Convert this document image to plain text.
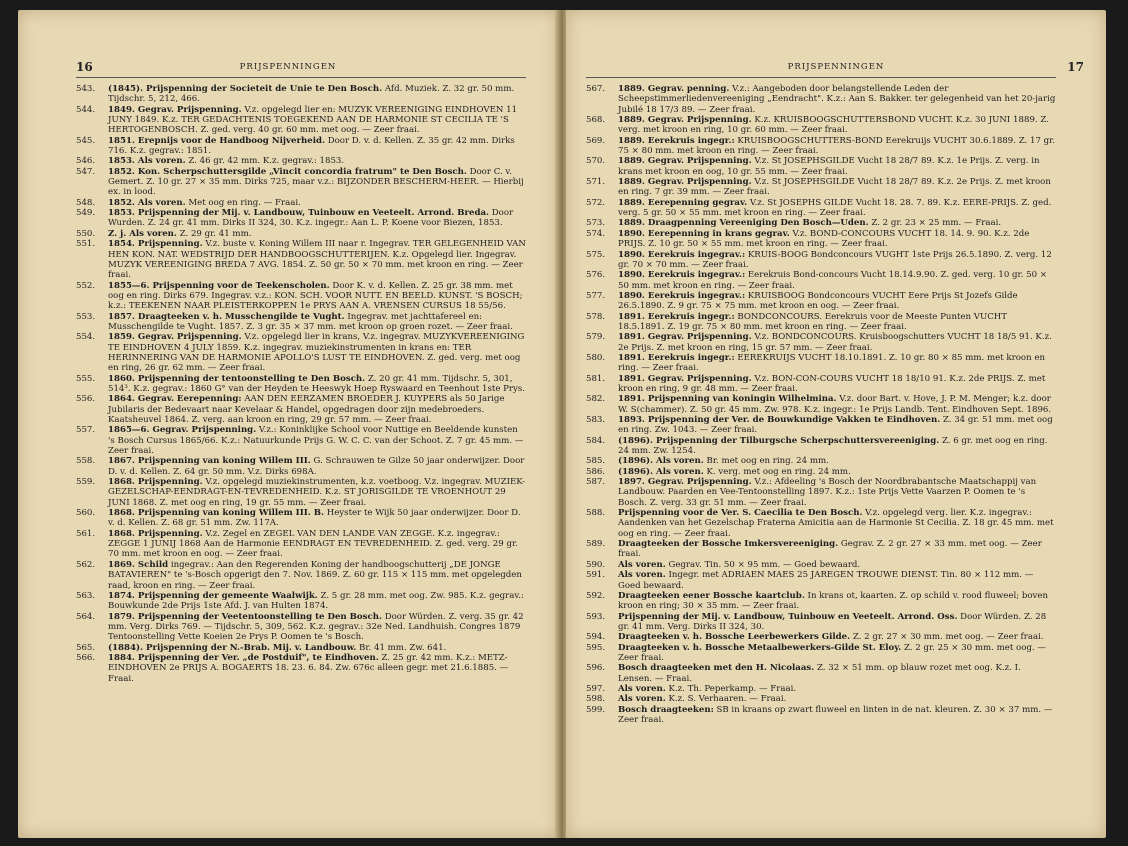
16	PRIJSPENNINGEN
543.	(1845). Prijspenning der Societeit de Unie te Den Bosch. Afd. Muziek. Z. 32 gr. 50 mm. Tijdschr. 5, 212, 466.
544.	1849. Gegrav. Prijspenning. V.z. opgelegd lier en: MUZYK VEREENIGING EINDHOVEN 11 JUNY 1849. K.z. TER GEDACHTENIS TOEGEKEND AAN DE HARMONIE ST CECILIA TE 'S HERTOGENBOSCH. Z. ged. verg. 40 gr. 60 mm. met oog. — Zeer fraai.
545.	1851. Erepnijs voor de Handboog Nijverheid. Door D. v. d. Kellen. Z. 35 gr. 42 mm. Dirks 716. K.z. gegrav.: 1851.
546.	1853. Als voren. Z. 46 gr. 42 mm. K.z. gegrav.: 1853.
547.	1852. Kon. Scherpschuttersgilde „Vincit concordia fratrum" te Den Bosch. Door C. v. Gemert. Z. 10 gr. 27 × 35 mm. Dirks 725, maar v.z.: BIJZONDER BESCHERM-HEER. — Hierbij ex. in lood.
548.	1852. Als voren. Met oog en ring. — Fraai.
549.	1853. Prijspenning der Mij. v. Landbouw, Tuinbouw en Veeteelt. Arrond. Breda. Door Wurden. Z. 24 gr. 41 mm. Dirks II 324, 30. K.z. ingegr.: Aan L. P. Koene voor Biezen, 1853.
550.	Z. j. Als voren. Z. 29 gr. 41 mm.
551.	1854. Prijspenning. V.z. buste v. Koning Willem III naar r. Ingegrav. TER GELEGENHEID VAN HEN KON. NAT. WEDSTRIJD DER HANDBOOGSCHUTTERIJEN. K.z. Opgelegd lier. Ingegrav. MUZYK VEREENIGING BREDA 7 AVG. 1854. Z. 50 gr. 50 × 70 mm. met kroon en ring. — Zeer fraai.
552.	1855—6. Prijspenning voor de Teekenscholen. Door K. v. d. Kellen. Z. 25 gr. 38 mm. met oog en ring. Dirks 679. Ingegrav. v.z.: KON. SCH. VOOR NUTT. EN BEELD. KUNST. 'S BOSCH; k.z.: TEEKENEN NAAR PLEISTERKOPPEN 1e PRYS AAN A. VRENSEN CURSUS 18 55/56.
553.	1857. Draagteeken v. h. Musschengilde te Vught. Ingegrav. met jachttafereel en: Musschengilde te Vught. 1857. Z. 3 gr. 35 × 37 mm. met kroon op groen rozet. — Zeer fraai.
554.	1859. Gegrav. Prijspenning. V.z. opgelegd lier in krans, V.z. ingegrav. MUZYKVEREENIGING TE EINDHOVEN 4 JULY 1859. K.z. ingegrav. muziekinstrumenten in krans en: TER HERINNERING VAN DE HARMONIE APOLLO'S LUST TE EINDHOVEN. Z. ged. verg. met oog en ring, 26 gr. 62 mm. — Zeer fraai.
555.	1860. Prijspenning der tentoonstelling te Den Bosch. Z. 20 gr. 41 mm. Tijdschr. 5, 301, 514³. K.z. gegrav.: 1860 G° van der Heyden te Heeswyk Hoep Ryswaard en Teenhout 1ste Prys.
556.	1864. Gegrav. Eerepenning: AAN DEN EERZAMEN BROEDER J. KUYPERS als 50 Jarige Jubilaris der Bedevaart naar Kevelaar & Handel, opgedragen door zijn medebroeders. Kaatsheuvel 1864. Z. verg. aan kroon en ring, 29 gr. 57 mm. — Zeer fraai.
557.	1865—6. Gegrav. Prijspenning. V.z.: Koninklijke School voor Nuttige en Beeldende kunsten 's Bosch Cursus 1865/66. K.z.: Natuurkunde Prijs G. W. C. C. van der Schoot. Z. 7 gr. 45 mm. — Zeer fraai.
558.	1867. Prijspenning van koning Willem III. G. Schrauwen te Gilze 50 jaar onderwijzer. Door D. v. d. Kellen. Z. 64 gr. 50 mm. V.z. Dirks 698A.
559.	1868. Prijspenning. V.z. opgelegd muziekinstrumenten, k.z. voetboog. V.z. ingegrav. MUZIEK-GEZELSCHAP-EENDRAGT-EN-TEVREDENHEID. K.z. ST JORISGILDE TE VROENHOUT 29 JUNI 1868. Z. met oog en ring, 19 gr. 55 mm. — Zeer fraai.
560.	1868. Prijspenning van koning Willem III. B. Heyster te Wijk 50 jaar onderwijzer. Door D. v. d. Kellen. Z. 68 gr. 51 mm. Zw. 117A.
561.	1868. Prijspenning. V.z. Zegel en ZEGEL VAN DEN LANDE VAN ZEGGE. K.z. ingegrav.: ZEGGE 1 JUNIJ 1868 Aan de Harmonie EENDRAGT EN TEVREDENHEID. Z. ged. verg. 29 gr. 70 mm. met kroon en oog. — Zeer fraai.
562.	1869. Schild ingegrav.: Aan den Regerenden Koning der handboogschutterij „DE JONGE BATAVIEREN" te 's-Bosch opgerigt den 7. Nov. 1869. Z. 60 gr. 115 × 115 mm. met opgelegden raad, kroon en ring. — Zeer fraai.
563.	1874. Prijspenning der gemeente Waalwijk. Z. 5 gr. 28 mm. met oog. Zw. 985. K.z. gegrav.: Bouwkunde 2de Prijs 1ste Afd. J. van Hulten 1874.
564.	1879. Prijspenning der Veetentoonstelling te Den Bosch. Door Würden. Z. verg. 35 gr. 42 mm. Verg. Dirks 769. — Tijdschr. 5, 309, 562. K.z. gegrav.: 32e Ned. Landhuish. Congres 1879 Tentoonstelling Vette Koeien 2e Prys P. Oomen te 's Bosch.
565.	(1884). Prijspenning der N.-Brab. Mij. v. Landbouw. Br. 41 mm. Zw. 641.
566.	1884. Prijspenning der Ver. „de Postduif", te Eindhoven. Z. 25 gr. 42 mm. K.z.: METZ-EINDHOVEN 2e PRIJS A. BOGAERTS 18. 23. 6. 84. Zw. 676c alleen gegr. met 21.6.1885. — Fraai.
17
PRIJSPENNINGEN
567.	1889. Gegrav. penning. V.z.: Aangeboden door belangstellende Leden der Scheepstimmerliedenvereeniging „Eendracht". K.z.: Aan S. Bakker. ter gelegenheid van het 20-jarig Jubilé 18 17/3 89. — Zeer fraai.
568.	1889. Gegrav. Prijspenning. K.z. KRUISBOOGSCHUTTERSBOND VUCHT. K.z. 30 JUNI 1889. Z. verg. met kroon en ring, 10 gr. 60 mm. — Zeer fraai.
569.	1889. Eerekruis ingegr.: KRUISBOOGSCHUTTERS-BOND Eerekruijs VUCHT 30.6.1889. Z. 17 gr. 75 × 80 mm. met kroon en ring. — Zeer fraai.
570.	1889. Gegrav. Prijspenning. V.z. St JOSEPHSGILDE Vucht 18 28/7 89. K.z. 1e Prijs. Z. verg. in krans met kroon en oog, 10 gr. 55 mm. — Zeer fraai.
571.	1889. Gegrav. Prijspenning. V.z. St JOSEPHSGILDE Vucht 18 28/7 89. K.z. 2e Prijs. Z. met kroon en ring. 7 gr. 39 mm. — Zeer fraai.
572.	1889. Eerepenning gegrav. V.z. St JOSEPHS GILDE Vucht 18. 28. 7. 89. K.z. EERE-PRIJS. Z. ged. verg. 5 gr. 50 × 55 mm. met kroon en ring. — Zeer fraai.
573.	1889. Draagpenning Vereeniging Den Bosch—Uden. Z. 2 gr. 23 × 25 mm. — Fraai.
574.	1890. Eerepenning in krans gegrav. V.z. BOND-CONCOURS VUCHT 18. 14. 9. 90. K.z. 2de PRIJS. Z. 10 gr. 50 × 55 mm. met kroon en ring. — Zeer fraai.
575.	1890. Eerekruis ingegrav.: KRUIS-BOOG Bondconcours VUGHT 1ste Prijs 26.5.1890. Z. verg. 12 gr. 70 × 70 mm. — Zeer fraai.
576.	1890. Eerekruis ingegrav.: Eerekruis Bond-concours Vucht 18.14.9.90. Z. ged. verg. 10 gr. 50 × 50 mm. met kroon en ring. — Zeer fraai.
577.	1890. Eerekruis ingegrav.: KRUISBOOG Bondconcours VUCHT Eere Prijs St Jozefs Gilde 26.5.1890. Z. 9 gr. 75 × 75 mm. met kroon en oog. — Zeer fraai.
578.	1891. Eerekruis ingegr.: BONDCONCOURS. Eerekruis voor de Meeste Punten VUCHT 18.5.1891. Z. 19 gr. 75 × 80 mm. met kroon en ring. — Zeer fraai.
579.	1891. Gegrav. Prijspenning. V.z. BONDCONCOURS. Kruisboogschutters VUCHT 18 18/5 91. K.z. 2e Prijs. Z. met kroon en ring, 15 gr. 57 mm. — Zeer fraai.
580.	1891. Eerekruis ingegr.: EEREKRUIJS VUCHT 18.10.1891. Z. 10 gr. 80 × 85 mm. met kroon en ring. — Zeer fraai.
581.	1891. Gegrav. Prijspenning. V.z. BON-CON-COURS VUCHT 18 18/10 91. K.z. 2de PRIJS. Z. met kroon en ring, 9 gr. 48 mm. — Zeer fraai.
582.	1891. Prijspenning van koningin Wilhelmina. V.z. door Bart. v. Hove, J. P. M. Menger; k.z. door W. S(chammer). Z. 50 gr. 45 mm. Zw. 978. K.z. ingegr.: 1e Prijs Landb. Tent. Eindhoven Sept. 1896.
583.	1893. Prijspenning der Ver. de Bouwkundige Vakken te Eindhoven. Z. 34 gr. 51 mm. met oog en ring. Zw. 1043. — Zeer fraai.
584.	(1896). Prijspenning der Tilburgsche Scherpschuttersvereeniging. Z. 6 gr. met oog en ring. 24 mm. Zw. 1254.
585.	(1896). Als voren. Br. met oog en ring. 24 mm.
586.	(1896). Als voren. K. verg. met oog en ring. 24 mm.
587.	1897. Gegrav. Prijspenning. V.z.: Afdeeling 's Bosch der Noordbrabantsche Maatschappij van Landbouw. Paarden en Vee-Tentoonstelling 1897. K.z.: 1ste Prijs Vette Vaarzen P. Oomen te 's Bosch. Z. verg. 33 gr. 51 mm. — Zeer fraai.
588.	Prijspenning voor de Ver. S. Caecilia te Den Bosch. V.z. opgelegd verg. lier. K.z. ingegrav.: Aandenken van het Gezelschap Fraterna Amicitia aan de Harmonie St Cecilia. Z. 18 gr. 45 mm. met oog en ring. — Zeer fraai.
589.	Draagteeken der Bossche Imkersvereeniging. Gegrav. Z. 2 gr. 27 × 33 mm. met oog. — Zeer fraai.
590.	Als voren. Gegrav. Tin. 50 × 95 mm. — Goed bewaard.
591.	Als voren. Ingegr. met ADRIAEN MAES 25 JAREGEN TROUWE DIENST. Tin. 80 × 112 mm. — Goed bewaard.
592.	Draagteeken eener Bossche kaartclub. In krans ot, kaarten. Z. op schild v. rood fluweel; boven kroon en ring; 30 × 35 mm. — Zeer fraai.
593.	Prijspenning der Mij. v. Landbouw, Tuinbouw en Veeteelt. Arrond. Oss. Door Würden. Z. 28 gr. 41 mm. Verg. Dirks II 324, 30.
594.	Draagteeken v. h. Bossche Leerbewerkers Gilde. Z. 2 gr. 27 × 30 mm. met oog. — Zeer fraai.
595.	Draagteeken v. h. Bossche Metaalbewerkers-Gilde St. Eloy. Z. 2 gr. 25 × 30 mm. met oog. — Zeer fraai.
596.	Bosch draagteeken met den H. Nicolaas. Z. 32 × 51 mm. op blauw rozet met oog. K.z. I. Lensen. — Fraai.
597.	Als voren. K.z. Th. Peperkamp. — Fraai.
598.	Als voren. K.z. S. Verhaaren. — Fraai.
599.	Bosch draagteeken: SB in kraans op zwart fluweel en linten in de nat. kleuren. Z. 30 × 37 mm. — Zeer fraai.
